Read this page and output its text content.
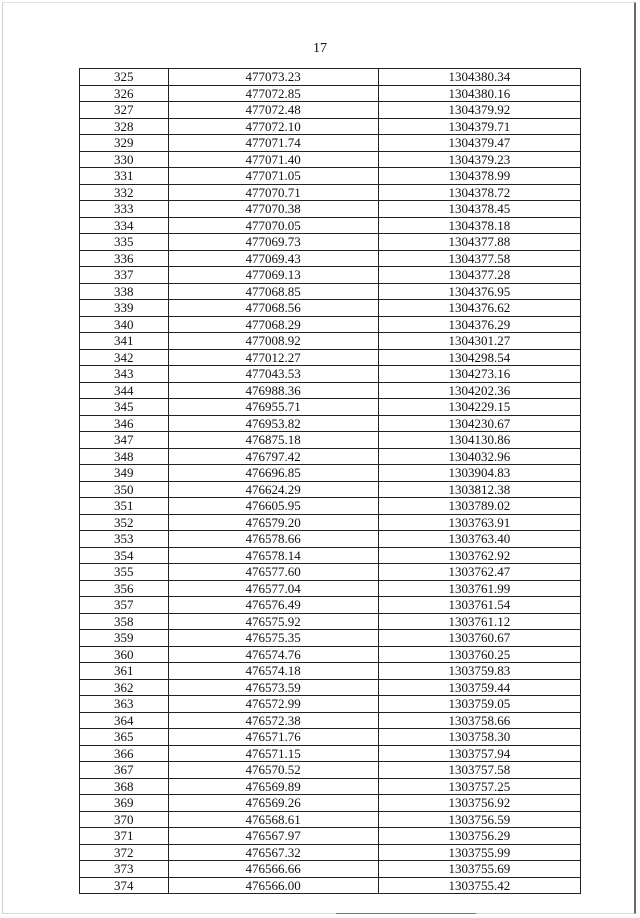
17
325	477073.23	1304380.34
326	477072.85	1304380.16
327	477072.48	1304379.92
328	477072.10	1304379.71
329	477071.74	1304379.47
330	477071.40	1304379.23
331	477071.05	1304378.99
332	477070.71	1304378.72
333	477070.38	1304378.45
334	477070.05	1304378.18
335	477069.73	1304377.88
336	477069.43	1304377.58
337	477069.13	1304377.28
338	477068.85	1304376.95
339	477068.56	1304376.62
340	477068.29	1304376.29
341	477008.92	1304301.27
342	477012.27	1304298.54
343	477043.53	1304273.16
344	476988.36	1304202.36
345	476955.71	1304229.15
346	476953.82	1304230.67
347	476875.18	1304130.86
348	476797.42	1304032.96
349	476696.85	1303904.83
350	476624.29	1303812.38
351	476605.95	1303789.02
352	476579.20	1303763.91
353	476578.66	1303763.40
354	476578.14	1303762.92
355	476577.60	1303762.47
356	476577.04	1303761.99
357	476576.49	1303761.54
358	476575.92	1303761.12
359	476575.35	1303760.67
360	476574.76	1303760.25
361	476574.18	1303759.83
362	476573.59	1303759.44
363	476572.99	1303759.05
364	476572.38	1303758.66
365	476571.76	1303758.30
366	476571.15	1303757.94
367	476570.52	1303757.58
368	476569.89	1303757.25
369	476569.26	1303756.92
370	476568.61	1303756.59
371	476567.97	1303756.29
372	476567.32	1303755.99
373	476566.66	1303755.69
374	476566.00	1303755.42
